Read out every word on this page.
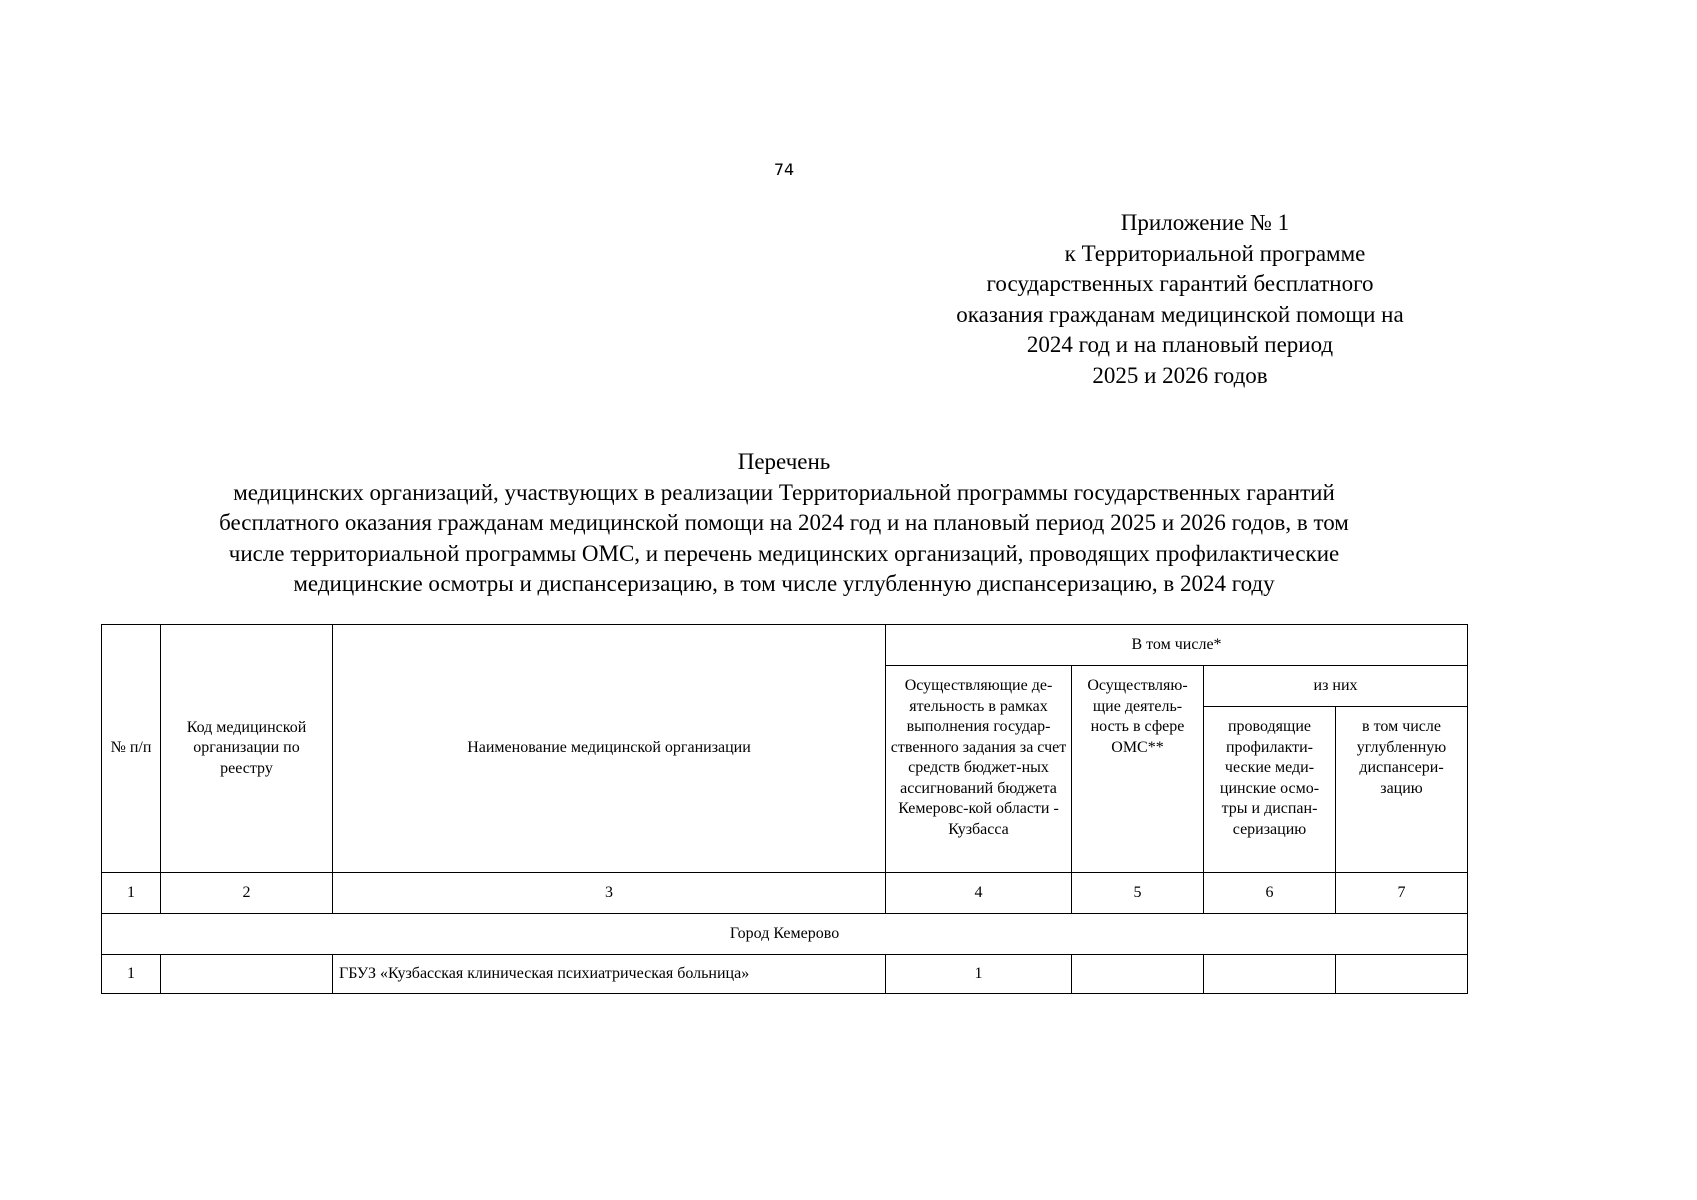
74
Приложение № 1
к Территориальной программе
государственных гарантий бесплатного
оказания гражданам медицинской помощи на
2024 год и на плановый период
2025 и 2026 годов
Перечень
медицинских организаций, участвующих в реализации Территориальной программы государственных гарантий
бесплатного оказания гражданам медицинской помощи на 2024 год и на плановый период 2025 и 2026 годов, в том
числе территориальной программы ОМС, и перечень медицинских организаций, проводящих профилактические
медицинские осмотры и диспансеризацию, в том числе углубленную диспансеризацию, в 2024 году
№ п/п	Код медицинской организации по реестру	Наименование медицинской организации	В том числе*			
			Осуществляющие де-ятельность в рамках выполнения государ-ственного задания за счет средств бюджет-ных ассигнований бюджета Кемеровс-кой области - Кузбасса	Осуществляю-щие деятель-ность в сфере ОМС**	из них	
					проводящие профилакти-ческие меди-цинские осмо-тры и диспан-серизацию	в том числе углубленную диспансери-зацию
1	2	3	4	5	6	7
Город Кемерово						
1		ГБУЗ «Кузбасская клиническая психиатрическая больница»	1			
